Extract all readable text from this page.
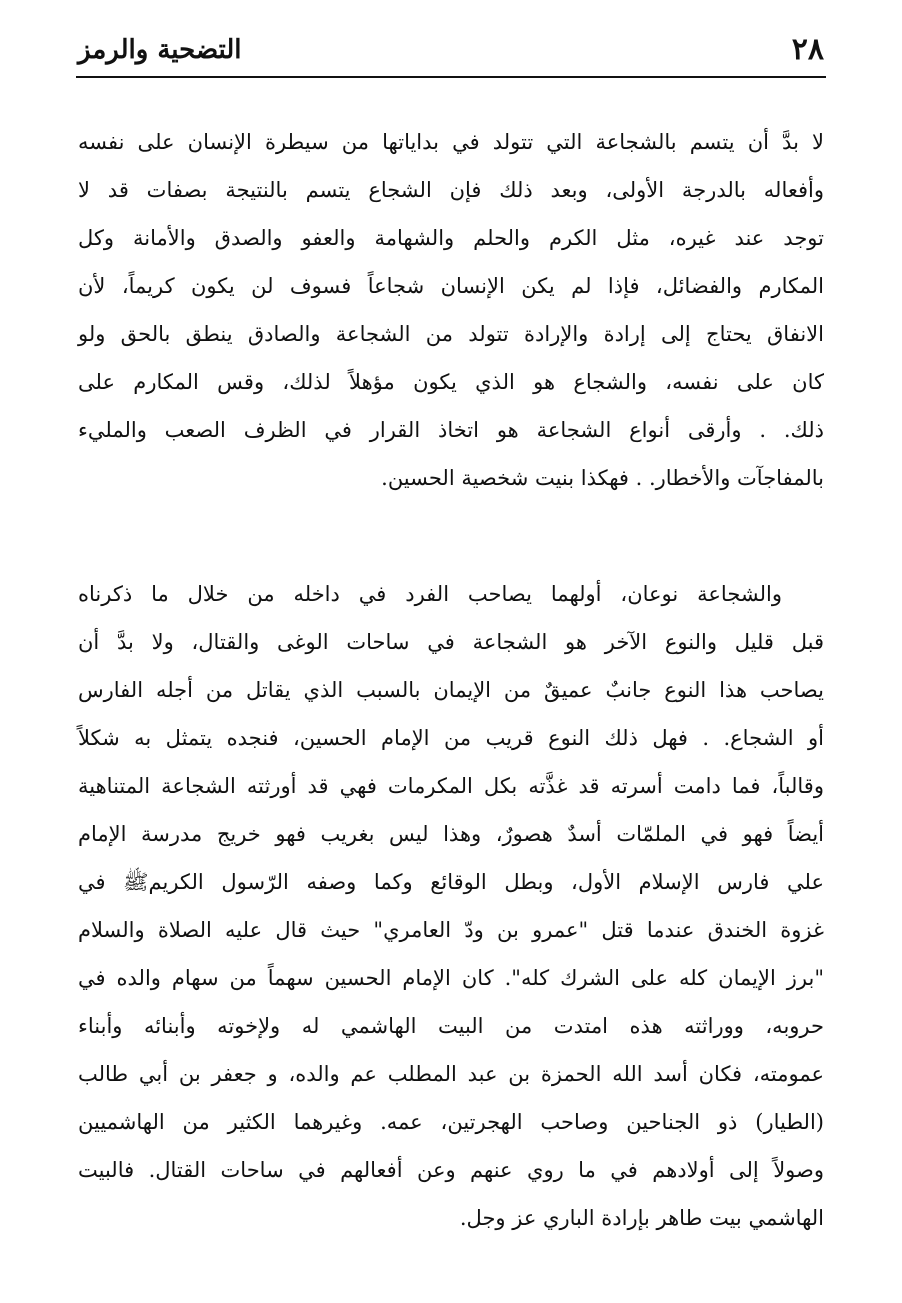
٢٨
التضحية والرمز

لا بدَّ أن يتسم بالشجاعة التي تتولد في بداياتها من سيطرة الإنسان على نفسه
وأفعاله بالدرجة الأولى، وبعد ذلك فإن الشجاع يتسم بالنتيجة بصفات قد لا
توجد عند غيره، مثل الكرم والحلم والشهامة والعفو والصدق والأمانة وكل
المكارم والفضائل، فإذا لم يكن الإنسان شجاعاً فسوف لن يكون كريماً، لأن
الانفاق يحتاج إلى إرادة والإرادة تتولد من الشجاعة والصادق ينطق بالحق ولو
كان على نفسه، والشجاع هو الذي يكون مؤهلاً لذلك، وقس المكارم على
ذلك. . وأرقى أنواع الشجاعة هو اتخاذ القرار في الظرف الصعب والمليء
بالمفاجآت والأخطار. . فهكذا بنيت شخصية الحسين.

والشجاعة نوعان، أولهما يصاحب الفرد في داخله من خلال ما ذكرناه
قبل قليل والنوع الآخر هو الشجاعة في ساحات الوغى والقتال، ولا بدَّ أن
يصاحب هذا النوع جانبٌ عميقٌ من الإيمان بالسبب الذي يقاتل من أجله الفارس
أو الشجاع. . فهل ذلك النوع قريب من الإمام الحسين، فنجده يتمثل به شكلاً
وقالباً، فما دامت أسرته قد غذَّته بكل المكرمات فهي قد أورثته الشجاعة المتناهية
أيضاً فهو في الملمّات أسدٌ هصورٌ، وهذا ليس بغريب فهو خريج مدرسة الإمام
علي فارس الإسلام الأول، وبطل الوقائع وكما وصفه الرّسول الكريمﷺ في
غزوة الخندق عندما قتل "عمرو بن ودّ العامري" حيث قال عليه الصلاة والسلام
"برز الإيمان كله على الشرك كله". كان الإمام الحسين سهماً من سهام والده في
حروبه، ووراثته هذه امتدت من البيت الهاشمي له ولإخوته وأبنائه وأبناء
عمومته، فكان أسد الله الحمزة بن عبد المطلب عم والده، و جعفر بن أبي طالب
(الطيار) ذو الجناحين وصاحب الهجرتين، عمه. وغيرهما الكثير من الهاشميين
وصولاً إلى أولادهم في ما روي عنهم وعن أفعالهم في ساحات القتال. فالبيت
الهاشمي بيت طاهر بإرادة الباري عز وجل.
